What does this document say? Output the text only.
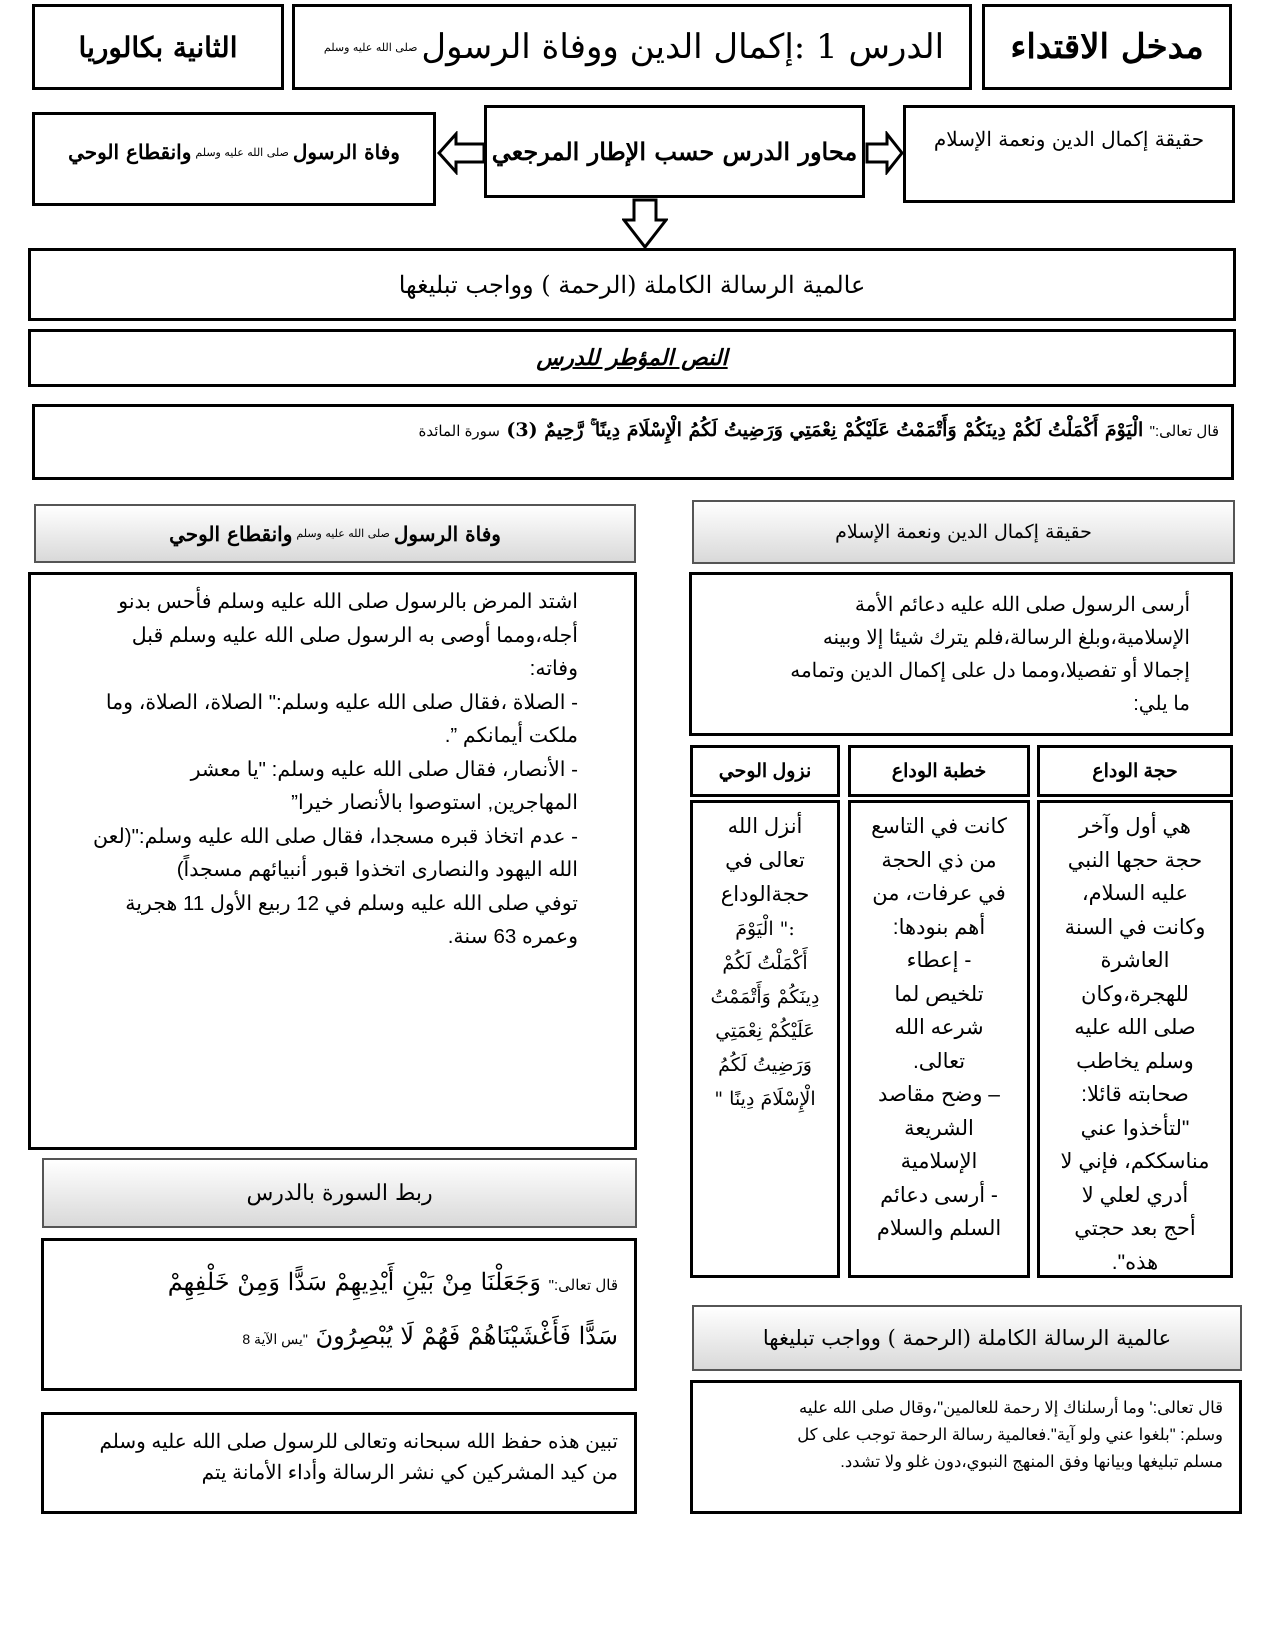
مدخل الاقتداء
الدرس 1 :إكمال الدين ووفاة الرسول
صلى الله عليه وسلم
الثانية بكالوريا
حقيقة إكمال الدين ونعمة الإسلام
محاور الدرس حسب الإطار المرجعي
وفاة الرسول
صلى الله عليه وسلم
وانقطاع الوحي
عالمية الرسالة الكاملة (الرحمة ) وواجب تبليغها
النص المؤطر للدرس
قال تعالى:" الْيَوْمَ أَكْمَلْتُ لَكُمْ دِينَكُمْ وَأَتْمَمْتُ عَلَيْكُمْ نِعْمَتِي وَرَضِيتُ لَكُمُ الْإِسْلَامَ دِينًا ۚ رَّحِيمٌ (3) سورة المائدة
حقيقة إكمال الدين ونعمة الإسلام

أرسى الرسول صلى الله عليه دعائم الأمة

الإسلامية،وبلغ الرسالة،فلم يترك شيئا إلا وبينه

إجمالا أو تفصيلا،ومما دل على إكمال الدين وتمامه

ما يلي:

حجة الوداع
خطبة الوداع
نزول الوحي

هي أول وآخر

حجة حجها النبي

عليه السلام،

وكانت في السنة

العاشرة

للهجرة،وكان

صلى الله عليه

وسلم يخاطب

صحابته قائلا:

"لتأخذوا عني

مناسككم، فإني لا

أدري لعلي لا

أحج بعد حجتي

هذه".

كانت في التاسع

من ذي الحجة

في عرفات، من

أهم بنودها:

- إعطاء

تلخيص لما

شرعه الله

تعالى.

– وضح مقاصد

الشريعة

الإسلامية

- أرسى دعائم

السلم والسلام

أنزل الله

تعالى في

حجةالوداع

:" الْيَوْمَ

أَكْمَلْتُ لَكُمْ

دِينَكُمْ وَأَتْمَمْتُ

عَلَيْكُمْ نِعْمَتِي

وَرَضِيتُ لَكُمُ

الْإِسْلَامَ دِينًا "

عالمية الرسالة الكاملة (الرحمة ) وواجب تبليغها

قال تعالى:' وما أرسلناك إلا رحمة للعالمين"،وقال صلى الله عليه

وسلم: "بلغوا عني ولو آية".فعالمية رسالة الرحمة توجب على كل

مسلم تبليغها وبيانها وفق المنهج النبوي،دون غلو ولا تشدد.

وفاة الرسول
صلى الله عليه وسلم
وانقطاع الوحي

اشتد المرض بالرسول صلى الله عليه وسلم فأحس بدنو

أجله،ومما أوصى به الرسول صلى الله عليه وسلم قبل

وفاته:

- الصلاة ،فقال صلى الله عليه وسلم:" الصلاة، الصلاة، وما

ملكت أيمانكم ”.

- الأنصار، فقال صلى الله عليه وسلم: "يا معشر

المهاجرين, استوصوا بالأنصار خيرا”

- عدم اتخاذ قبره مسجدا، فقال صلى الله عليه وسلم:"(لعن

الله اليهود والنصارى اتخذوا قبور أنبيائهم مسجداً)

توفي صلى الله عليه وسلم في 12 ربيع الأول 11 هجرية

وعمره 63 سنة.

ربط السورة بالدرس

قال تعالى:" وَجَعَلْنَا مِنْ بَيْنِ أَيْدِيهِمْ سَدًّا وَمِنْ خَلْفِهِمْ

سَدًّا فَأَغْشَيْنَاهُمْ فَهُمْ لَا يُبْصِرُونَ "يس الآية 8

تبين هذه حفظ الله سبحانه وتعالى للرسول صلى الله عليه وسلم

من كيد المشركين كي نشر الرسالة وأداء الأمانة يتم
